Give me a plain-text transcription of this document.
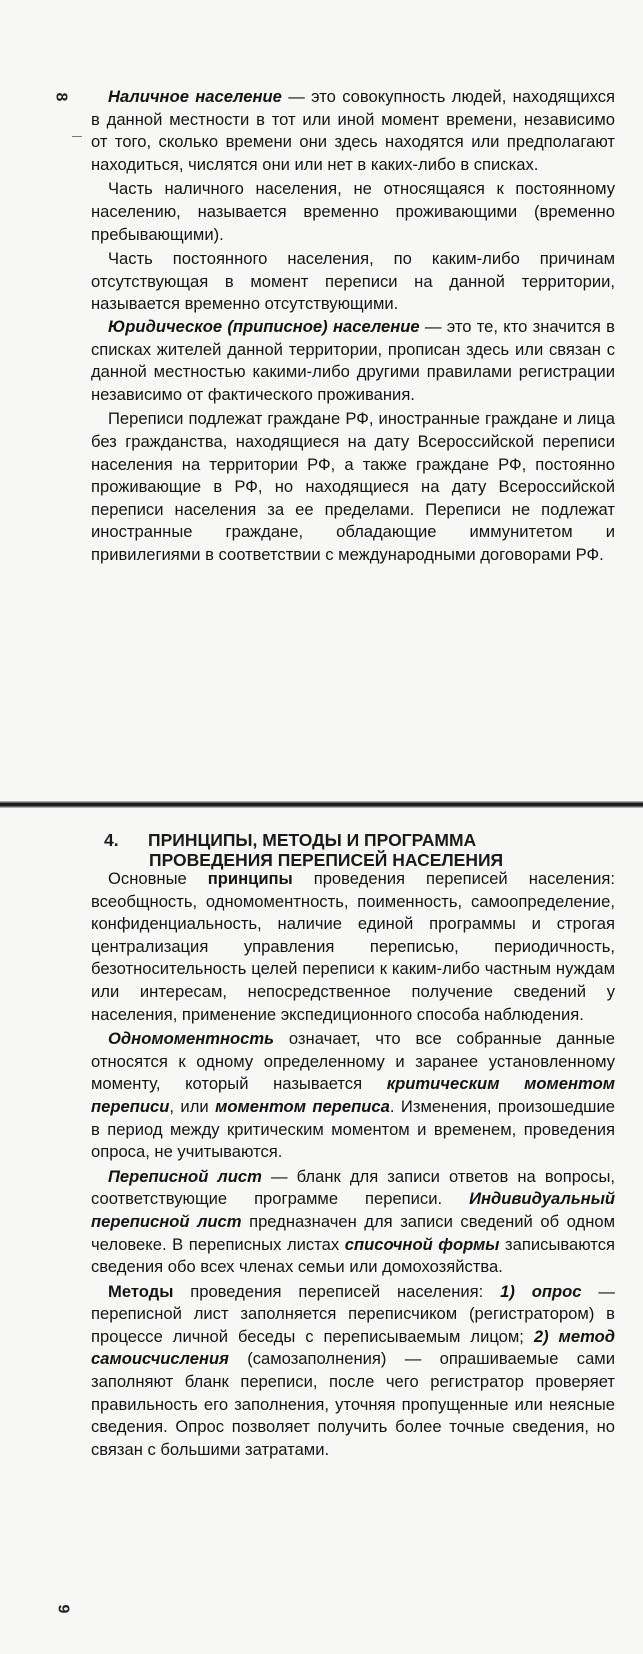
8	Наличное население — это совокупность людей, находящихся в данной местности в тот или иной момент времени, независимо от того, сколько времени они здесь находятся или предполагают находиться, числятся они или нет в каких-либо в списках.

Часть наличного населения, не относящаяся к постоянному населению, называется временно проживающими (временно пребывающими).

Часть постоянного населения, по каким-либо причинам отсутствующая в момент переписи на данной территории, называется временно отсутствующими.

Юридическое (приписное) население — это те, кто значится в списках жителей данной территории, прописан здесь или связан с данной местностью какими-либо другими правилами регистрации независимо от фактического проживания.

Переписи подлежат граждане РФ, иностранные граждане и лица без гражданства, находящиеся на дату Всероссийской переписи населения на территории РФ, а также граждане РФ, постоянно проживающие в РФ, но находящиеся на дату Всероссийской переписи населения за ее пределами. Переписи не подлежат иностранные граждане, обладающие иммунитетом и привилегиями в соответствии с международными договорами РФ.

4. ПРИНЦИПЫ, МЕТОДЫ И ПРОГРАММА
ПРОВЕДЕНИЯ ПЕРЕПИСЕЙ НАСЕЛЕНИЯ

Основные принципы проведения переписей населения: всеобщность, одномоментность, поименность, самоопределение, конфиденциальность, наличие единой программы и строгая централизация управления переписью, периодичность, безотносительность целей переписи к каким-либо частным нуждам или интересам, непосредственное получение сведений у населения, применение экспедиционного способа наблюдения.

Одномоментность означает, что все собранные данные относятся к одному определенному и заранее установленному моменту, который называется критическим моментом переписи, или моментом переписа. Изменения, произошедшие в период между критическим моментом и временем, проведения опроса, не учитываются.

Переписной лист — бланк для записи ответов на вопросы, соответствующие программе переписи. Индивидуальный переписной лист предназначен для записи сведений об одном человеке. В переписных листах списочной формы записываются сведения обо всех членах семьи или домохозяйства.

Методы проведения переписей населения: 1) опрос — переписной лист заполняется переписчиком (регистратором) в процессе личной беседы с переписываемым лицом; 2) метод самоисчисления (самозаполнения) — опрашиваемые сами заполняют бланк переписи, после чего регистратор проверяет правильность его заполнения, уточняя пропущенные или неясные сведения. Опрос позволяет получить более точные сведения, но связан с большими затратами.

9
